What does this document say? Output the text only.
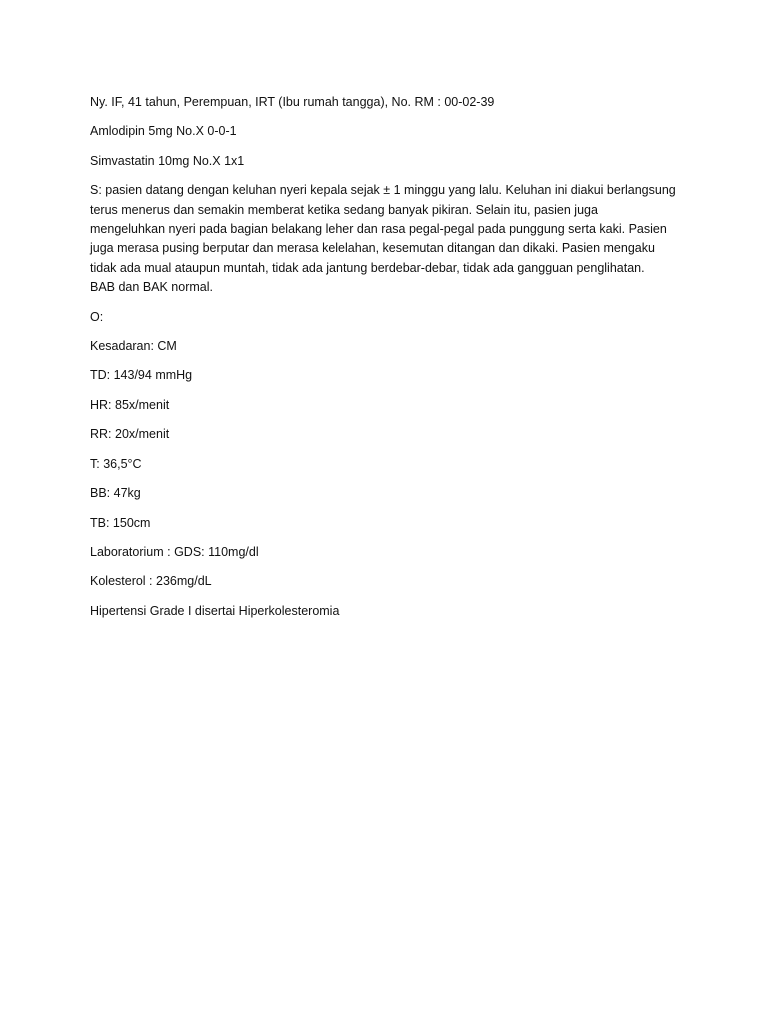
Ny. IF, 41 tahun, Perempuan, IRT (Ibu rumah tangga), No. RM : 00-02-39

Amlodipin 5mg No.X 0-0-1

Simvastatin 10mg No.X 1x1

S: pasien datang dengan keluhan nyeri kepala sejak ± 1 minggu yang lalu. Keluhan ini diakui berlangsung
terus menerus dan semakin memberat ketika sedang banyak pikiran. Selain itu, pasien juga
mengeluhkan nyeri pada bagian belakang leher dan rasa pegal-pegal pada punggung serta kaki. Pasien
juga merasa pusing berputar dan merasa kelelahan, kesemutan ditangan dan dikaki. Pasien mengaku
tidak ada mual ataupun muntah, tidak ada jantung berdebar-debar, tidak ada gangguan penglihatan.
BAB dan BAK normal.

O:

Kesadaran: CM

TD: 143/94 mmHg

HR: 85x/menit

RR: 20x/menit

T: 36,5°C

BB: 47kg

TB: 150cm

Laboratorium : GDS: 110mg/dl

Kolesterol : 236mg/dL

Hipertensi Grade I disertai Hiperkolesteromia
